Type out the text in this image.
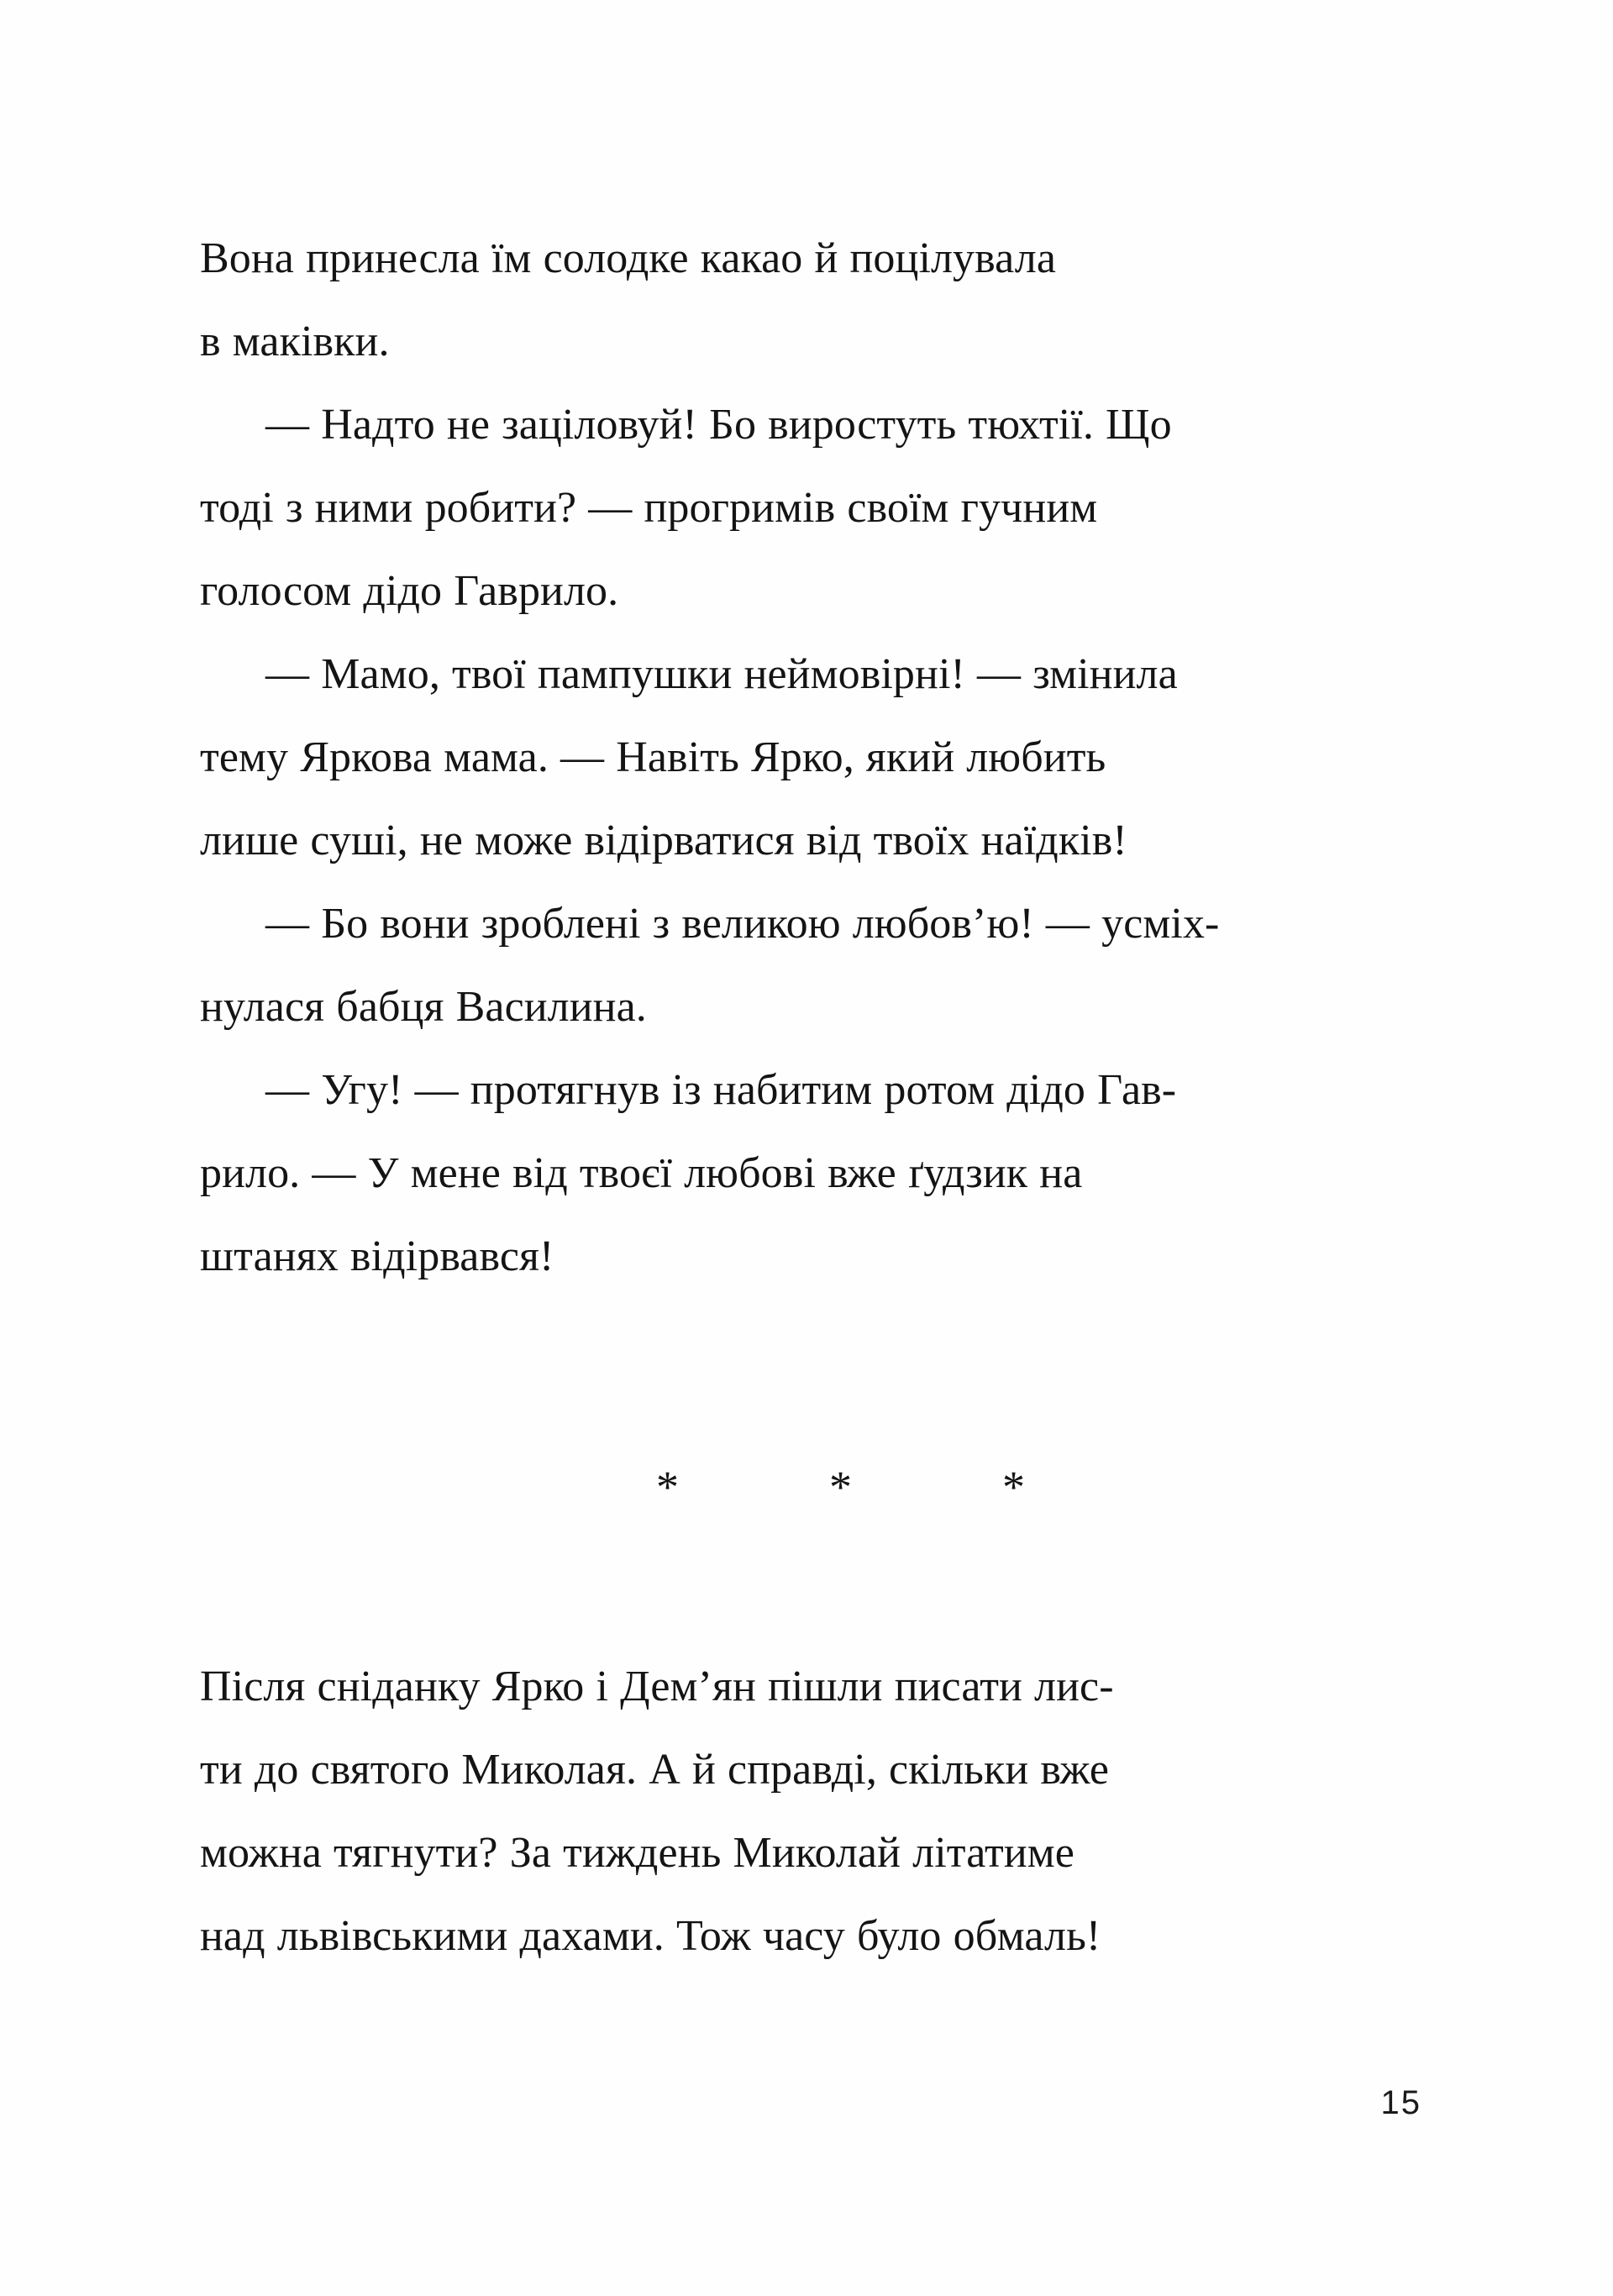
Вона принесла їм солодке какао й поцілувала

в маківки.

— Надто не зацiловуй! Бо виростуть тюхтії. Що

тоді з ними робити? — прогримів своїм гучним

голосом дідо Гаврило.

— Мамо, твої пампушки неймовірні! — змінила

тему Яркова мама. — Навіть Ярко, який любить

лише суші, не може відірватися від твоїх наїдків!

— Бо вони зроблені з великою любов’ю! — усміх-

нулася бабця Василина.

— Угу! — протягнув із набитим ротом дідо Гав-

рило. — У мене від твоєї любові вже ґудзик на

штанях відірвався!

*	*	*

Після сніданку Ярко і Дем’ян пішли писати лис-

ти до святого Миколая. А й справді, скільки вже

можна тягнути? За тиждень Миколай літатиме

над львівськими дахами. Тож часу було обмаль!

15
